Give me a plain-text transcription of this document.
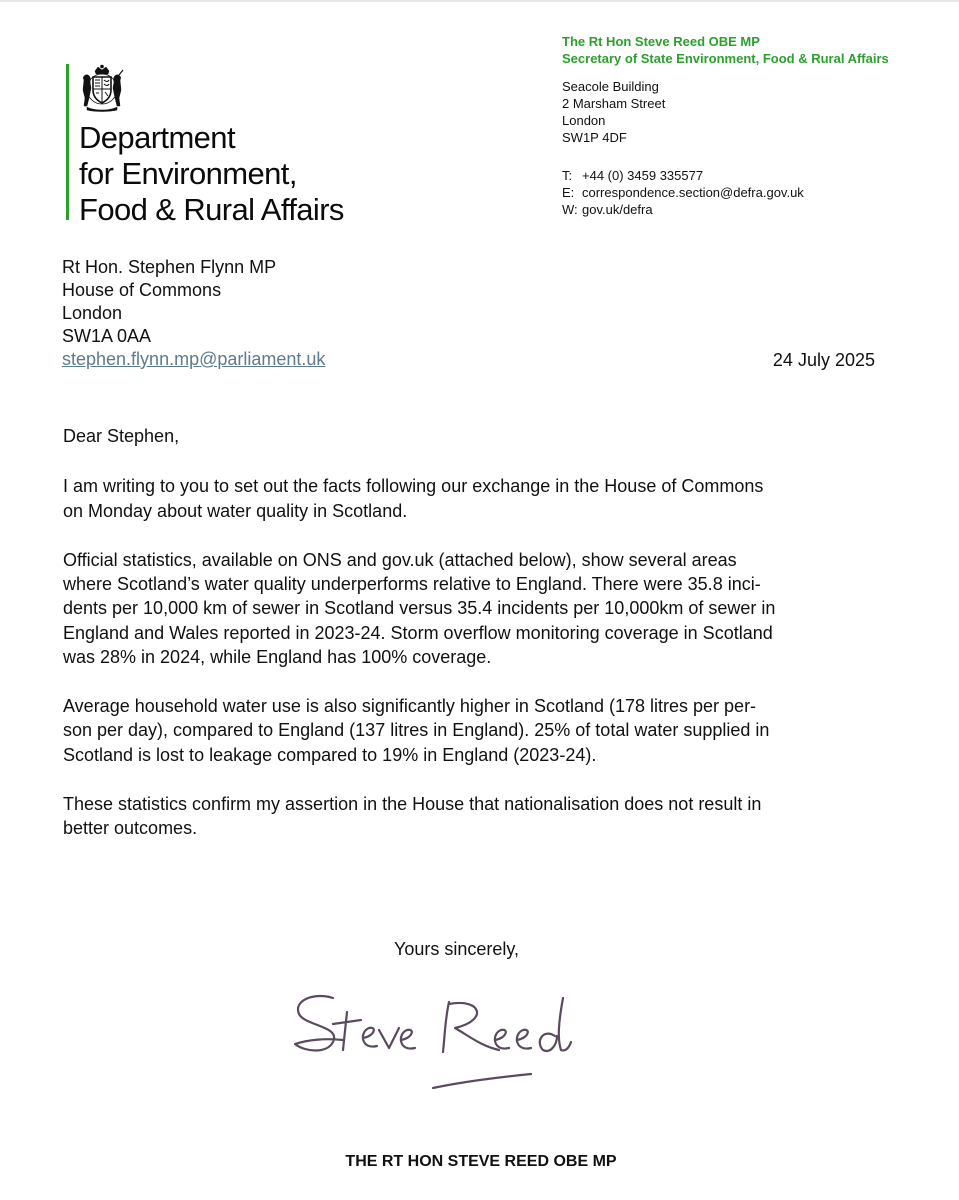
Department
for Environment,
Food & Rural Affairs
The Rt Hon Steve Reed OBE MP
Secretary of State Environment, Food & Rural Affairs
Seacole Building
2 Marsham Street
London
SW1P 4DF
T: +44 (0) 3459 335577
E: correspondence.section@defra.gov.uk
W: gov.uk/defra
Rt Hon. Stephen Flynn MP
House of Commons
London
SW1A 0AA
stephen.flynn.mp@parliament.uk	24 July 2025

Dear Stephen,

I am writing to you to set out the facts following our exchange in the House of Commons
on Monday about water quality in Scotland.

Official statistics, available on ONS and gov.uk (attached below), show several areas
where Scotland’s water quality underperforms relative to England. There were 35.8 inci-
dents per 10,000 km of sewer in Scotland versus 35.4 incidents per 10,000km of sewer in
England and Wales reported in 2023-24. Storm overflow monitoring coverage in Scotland
was 28% in 2024, while England has 100% coverage.

Average household water use is also significantly higher in Scotland (178 litres per per-
son per day), compared to England (137 litres in England). 25% of total water supplied in
Scotland is lost to leakage compared to 19% in England (2023-24).

These statistics confirm my assertion in the House that nationalisation does not result in
better outcomes.

Yours sincerely,
THE RT HON STEVE REED OBE MP
